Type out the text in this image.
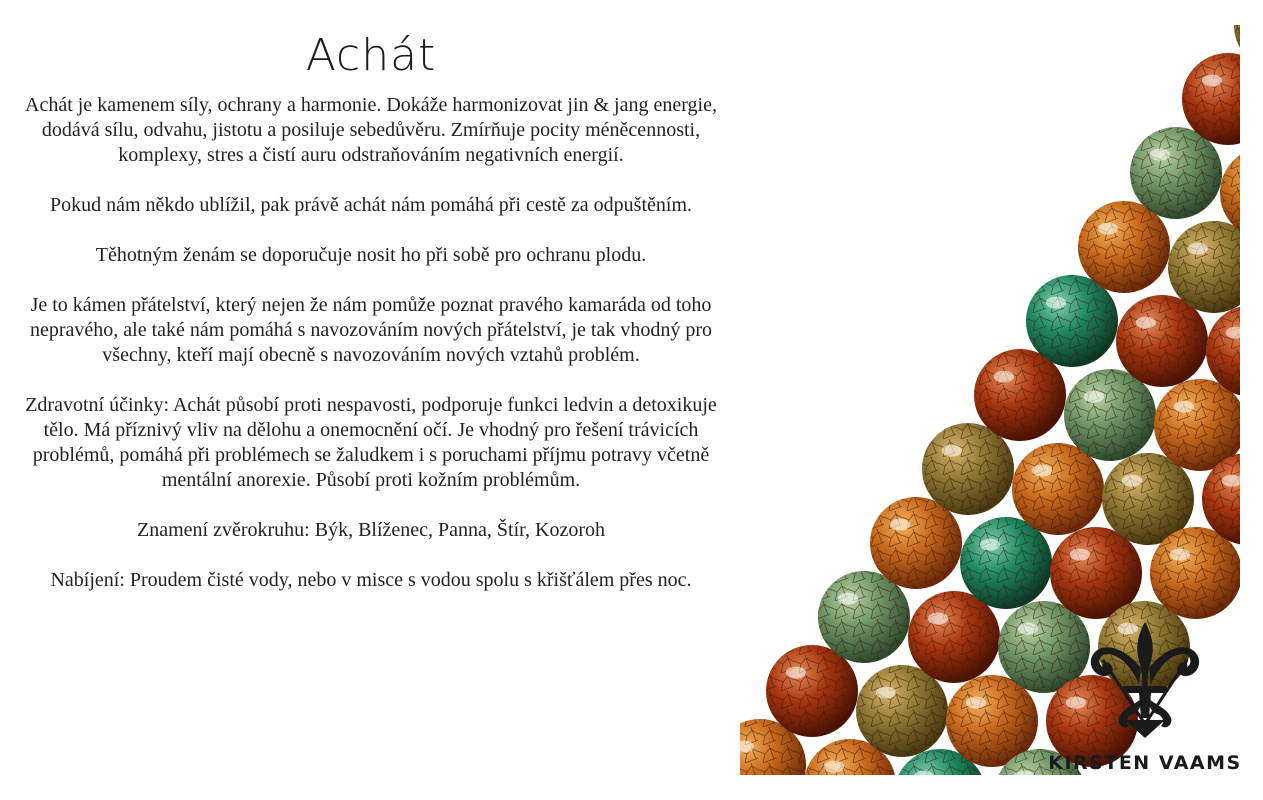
Achát

Achát je kamenem síly, ochrany a harmonie. Dokáže harmonizovat jin & jang energie, dodává sílu, odvahu, jistotu a posiluje sebedůvěru. Zmírňuje pocity méněcennosti, komplexy, stres a čistí auru odstraňováním negativních energií.

Pokud nám někdo ublížil, pak právě achát nám pomáhá při cestě za odpuštěním.

Těhotným ženám se doporučuje nosit ho při sobě pro ochranu plodu.

Je to kámen přátelství, který nejen že nám pomůže poznat pravého kamaráda od toho nepravého, ale také nám pomáhá s navozováním nových přátelství, je tak vhodný pro všechny, kteří mají obecně s navozováním nových vztahů problém.

Zdravotní účinky: Achát působí proti nespavosti, podporuje funkci ledvin a detoxikuje tělo. Má příznivý vliv na dělohu a onemocnění očí. Je vhodný pro řešení trávicích problémů, pomáhá při problémech se žaludkem i s poruchami příjmu potravy včetně mentální anorexie. Působí proti kožním problémům.

Znamení zvěrokruhu: Býk, Blíženec, Panna, Štír, Kozoroh

Nabíjení: Proudem čisté vody, nebo v misce s vodou spolu s křišťálem přes noc.

KIRSTEN VAAMS
